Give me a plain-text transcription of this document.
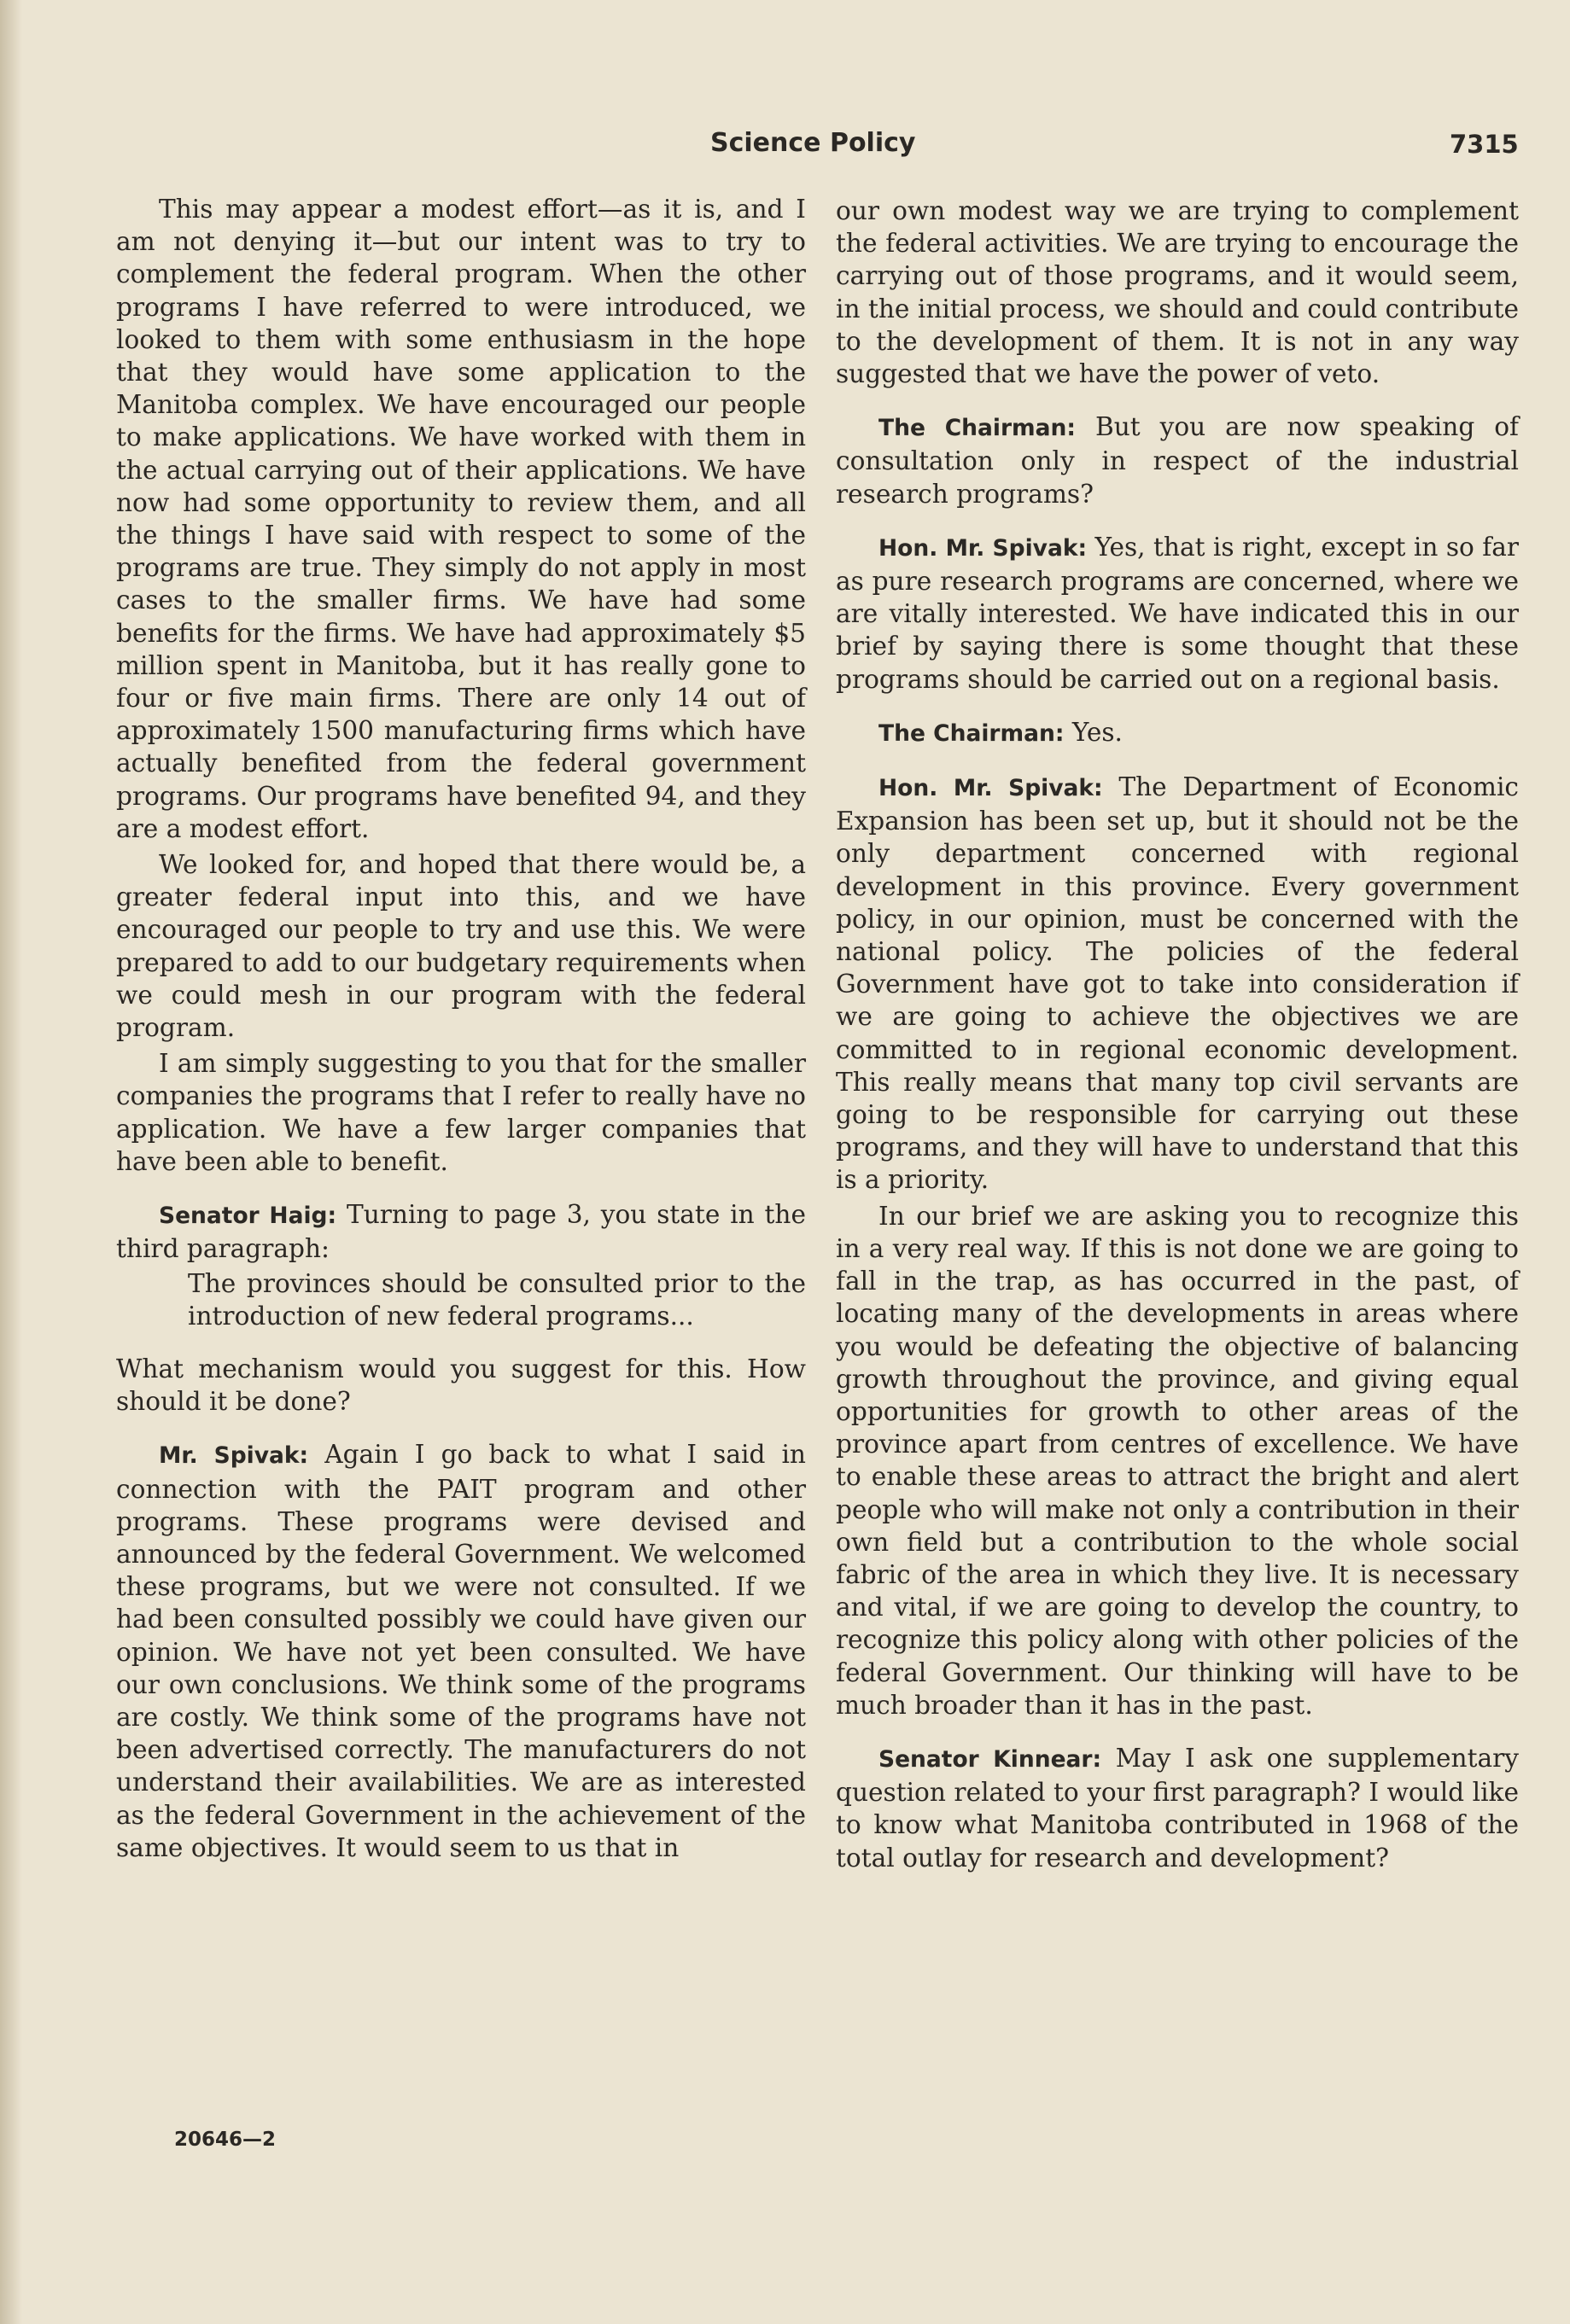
Science Policy	7315

This may appear a modest effort—as it is, and I am not denying it—but our intent was to try to complement the federal program. When the other programs I have referred to were introduced, we looked to them with some enthusiasm in the hope that they would have some application to the Manitoba complex. We have encouraged our people to make applications. We have worked with them in the actual carrying out of their applications. We have now had some opportunity to review them, and all the things I have said with respect to some of the programs are true. They simply do not apply in most cases to the smaller firms. We have had some benefits for the firms. We have had approximately $5 million spent in Manitoba, but it has really gone to four or five main firms. There are only 14 out of approximately 1500 manufacturing firms which have actually benefited from the federal government programs. Our programs have benefited 94, and they are a modest effort.

We looked for, and hoped that there would be, a greater federal input into this, and we have encouraged our people to try and use this. We were prepared to add to our budgetary requirements when we could mesh in our program with the federal program.

I am simply suggesting to you that for the smaller companies the programs that I refer to really have no application. We have a few larger companies that have been able to benefit.

Senator Haig: Turning to page 3, you state in the third paragraph:

The provinces should be consulted prior to the introduction of new federal programs...

What mechanism would you suggest for this. How should it be done?

Mr. Spivak: Again I go back to what I said in connection with the PAIT program and other programs. These programs were devised and announced by the federal Government. We welcomed these programs, but we were not consulted. If we had been consulted possibly we could have given our opinion. We have not yet been consulted. We have our own conclusions. We think some of the programs are costly. We think some of the programs have not been advertised correctly. The manufacturers do not understand their availabilities. We are as interested as the federal Government in the achievement of the same objectives. It would seem to us that in

our own modest way we are trying to complement the federal activities. We are trying to encourage the carrying out of those programs, and it would seem, in the initial process, we should and could contribute to the development of them. It is not in any way suggested that we have the power of veto.

The Chairman: But you are now speaking of consultation only in respect of the industrial research programs?

Hon. Mr. Spivak: Yes, that is right, except in so far as pure research programs are concerned, where we are vitally interested. We have indicated this in our brief by saying there is some thought that these programs should be carried out on a regional basis.

The Chairman: Yes.

Hon. Mr. Spivak: The Department of Economic Expansion has been set up, but it should not be the only department concerned with regional development in this province. Every government policy, in our opinion, must be concerned with the national policy. The policies of the federal Government have got to take into consideration if we are going to achieve the objectives we are committed to in regional economic development. This really means that many top civil servants are going to be responsible for carrying out these programs, and they will have to understand that this is a priority.

In our brief we are asking you to recognize this in a very real way. If this is not done we are going to fall in the trap, as has occurred in the past, of locating many of the developments in areas where you would be defeating the objective of balancing growth throughout the province, and giving equal opportunities for growth to other areas of the province apart from centres of excellence. We have to enable these areas to attract the bright and alert people who will make not only a contribution in their own field but a contribution to the whole social fabric of the area in which they live. It is necessary and vital, if we are going to develop the country, to recognize this policy along with other policies of the federal Government. Our thinking will have to be much broader than it has in the past.

Senator Kinnear: May I ask one supplementary question related to your first paragraph? I would like to know what Manitoba contributed in 1968 of the total outlay for research and development?

20646—2
